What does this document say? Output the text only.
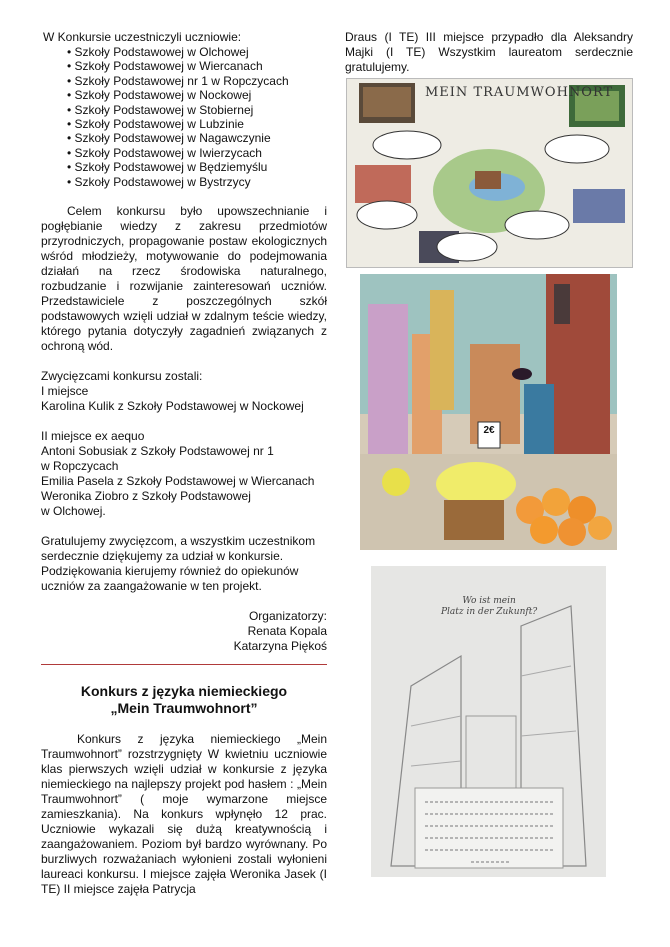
W Konkursie uczestniczyli uczniowie:

• Szkoły Podstawowej w Olchowej
• Szkoły Podstawowej w Wiercanach
• Szkoły Podstawowej nr 1 w Ropczycach
• Szkoły Podstawowej w Nockowej
• Szkoły Podstawowej w Stobiernej
• Szkoły Podstawowej w Lubzinie
• Szkoły Podstawowej w Nagawczynie
• Szkoły Podstawowej w Iwierzycach
• Szkoły Podstawowej w Będziemyślu
• Szkoły Podstawowej w Bystrzycy

Celem konkursu było upowszechnianie i pogłębianie wiedzy z zakresu przedmiotów przyrodniczych, propagowanie postaw ekologicznych wśród młodzieży, motywowanie do podejmowania działań na rzecz środowiska naturalnego, rozbudzanie i rozwijanie zainteresowań uczniów. Przedstawiciele z poszczególnych szkół podstawowych wzięli udział w zdalnym teście wiedzy, którego pytania dotyczyły zagadnień związanych z ochroną wód.

Zwycięzcami konkursu zostali:

I miejsce

Karolina Kulik z Szkoły Podstawowej w Nockowej

II miejsce ex aequo

Antoni Sobusiak z Szkoły Podstawowej nr 1

w Ropczycach

Emilia Pasela z Szkoły Podstawowej w Wiercanach

Weronika Ziobro z Szkoły Podstawowej

w Olchowej.

Gratulujemy zwycięzcom, a wszystkim uczestnikom serdecznie dziękujemy za udział w konkursie. Podziękowania kierujemy również do opiekunów uczniów za zaangażowanie w ten projekt.

Organizatorzy:

Renata Kopala

Katarzyna Piękoś

Konkurs z języka niemieckiego
„Mein Traumwohnort”

Konkurs z języka niemieckiego „Mein Traumwohnort” rozstrzygnięty W kwietniu uczniowie klas pierwszych wzięli udział w konkursie z języka niemieckiego na najlepszy projekt pod hasłem : „Mein Traumwohnort” ( moje wymarzone miejsce zamieszkania). Na konkurs wpłynęło 12 prac. Uczniowie wykazali się dużą kreatywnością i zaangażowaniem. Poziom był bardzo wyrównany. Po burzliwych rozważaniach wyłonieni zostali wyłonieni laureaci konkursu. I miejsce zajęła Weronika Jasek (I TE) II miejsce zajęła Patrycja

Draus (I TE) III miejsce przypadło dla Aleksandry Majki (I TE) Wszystkim laureatom serdecznie gratulujemy.

MEIN TRAUMWOHNORT
2€
Wo ist mein
Platz in der Zukunft?
